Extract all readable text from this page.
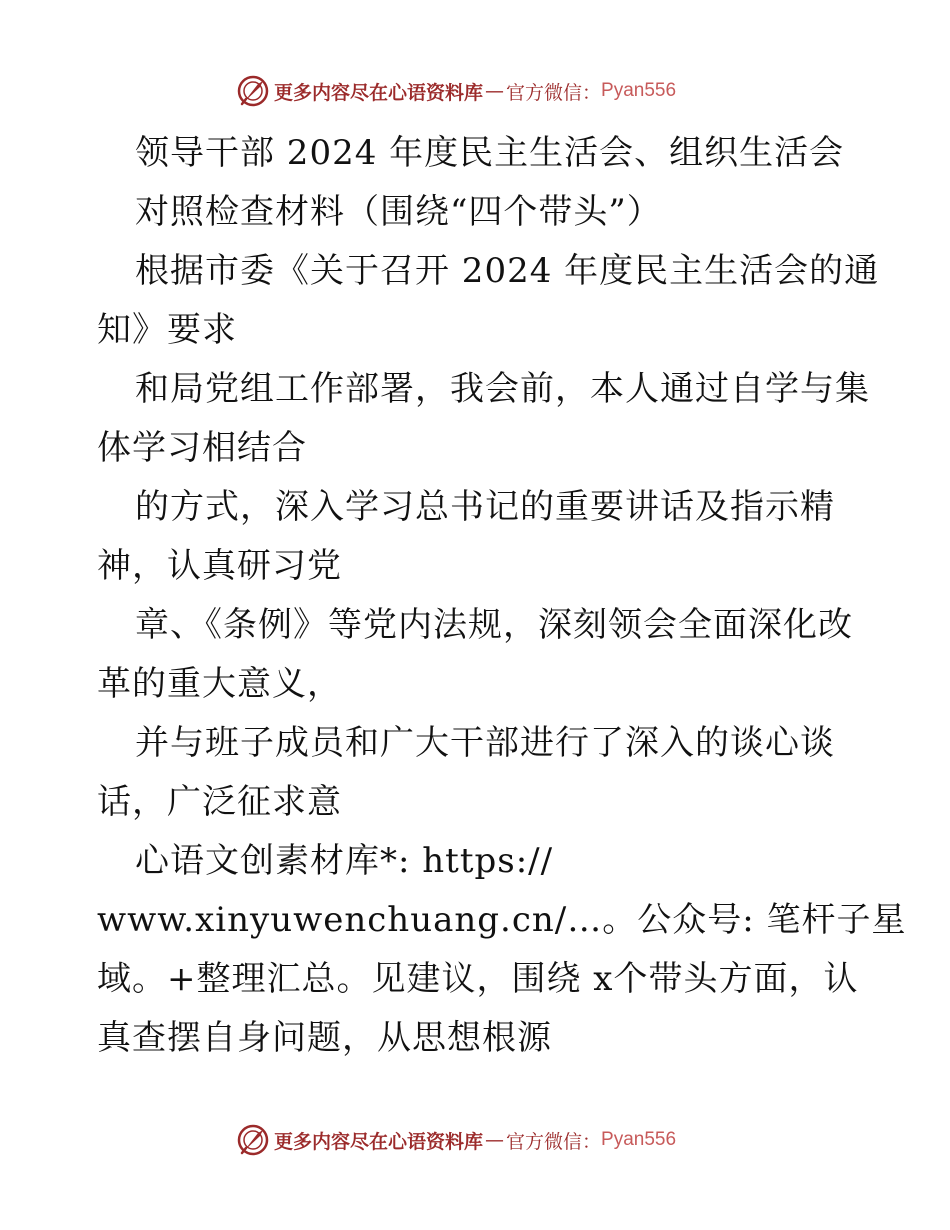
更多内容尽在心语资料库 — 官方微信： Pyan556
领导干部 2024 年度民主生活会、组织生活会
对照检查材料（围绕“四个带头”）
根据市委《关于召开 2024 年度民主生活会的通
知》要求
和局党组工作部署，我会前，本人通过自学与集
体学习相结合
的方式，深入学习总书记的重要讲话及指示精
神，认真研习党
章、《条例》等党内法规，深刻领会全面深化改
革的重大意义，
并与班子成员和广大干部进行了深入的谈心谈
话，广泛征求意
心语文创素材库*: https://
www.xinyuwenchuang.cn/…。公众号: 笔杆子星
域。+整理汇总。见建议，围绕 x个带头方面，认
真查摆自身问题，从思想根源
更多内容尽在心语资料库 — 官方微信： Pyan556
